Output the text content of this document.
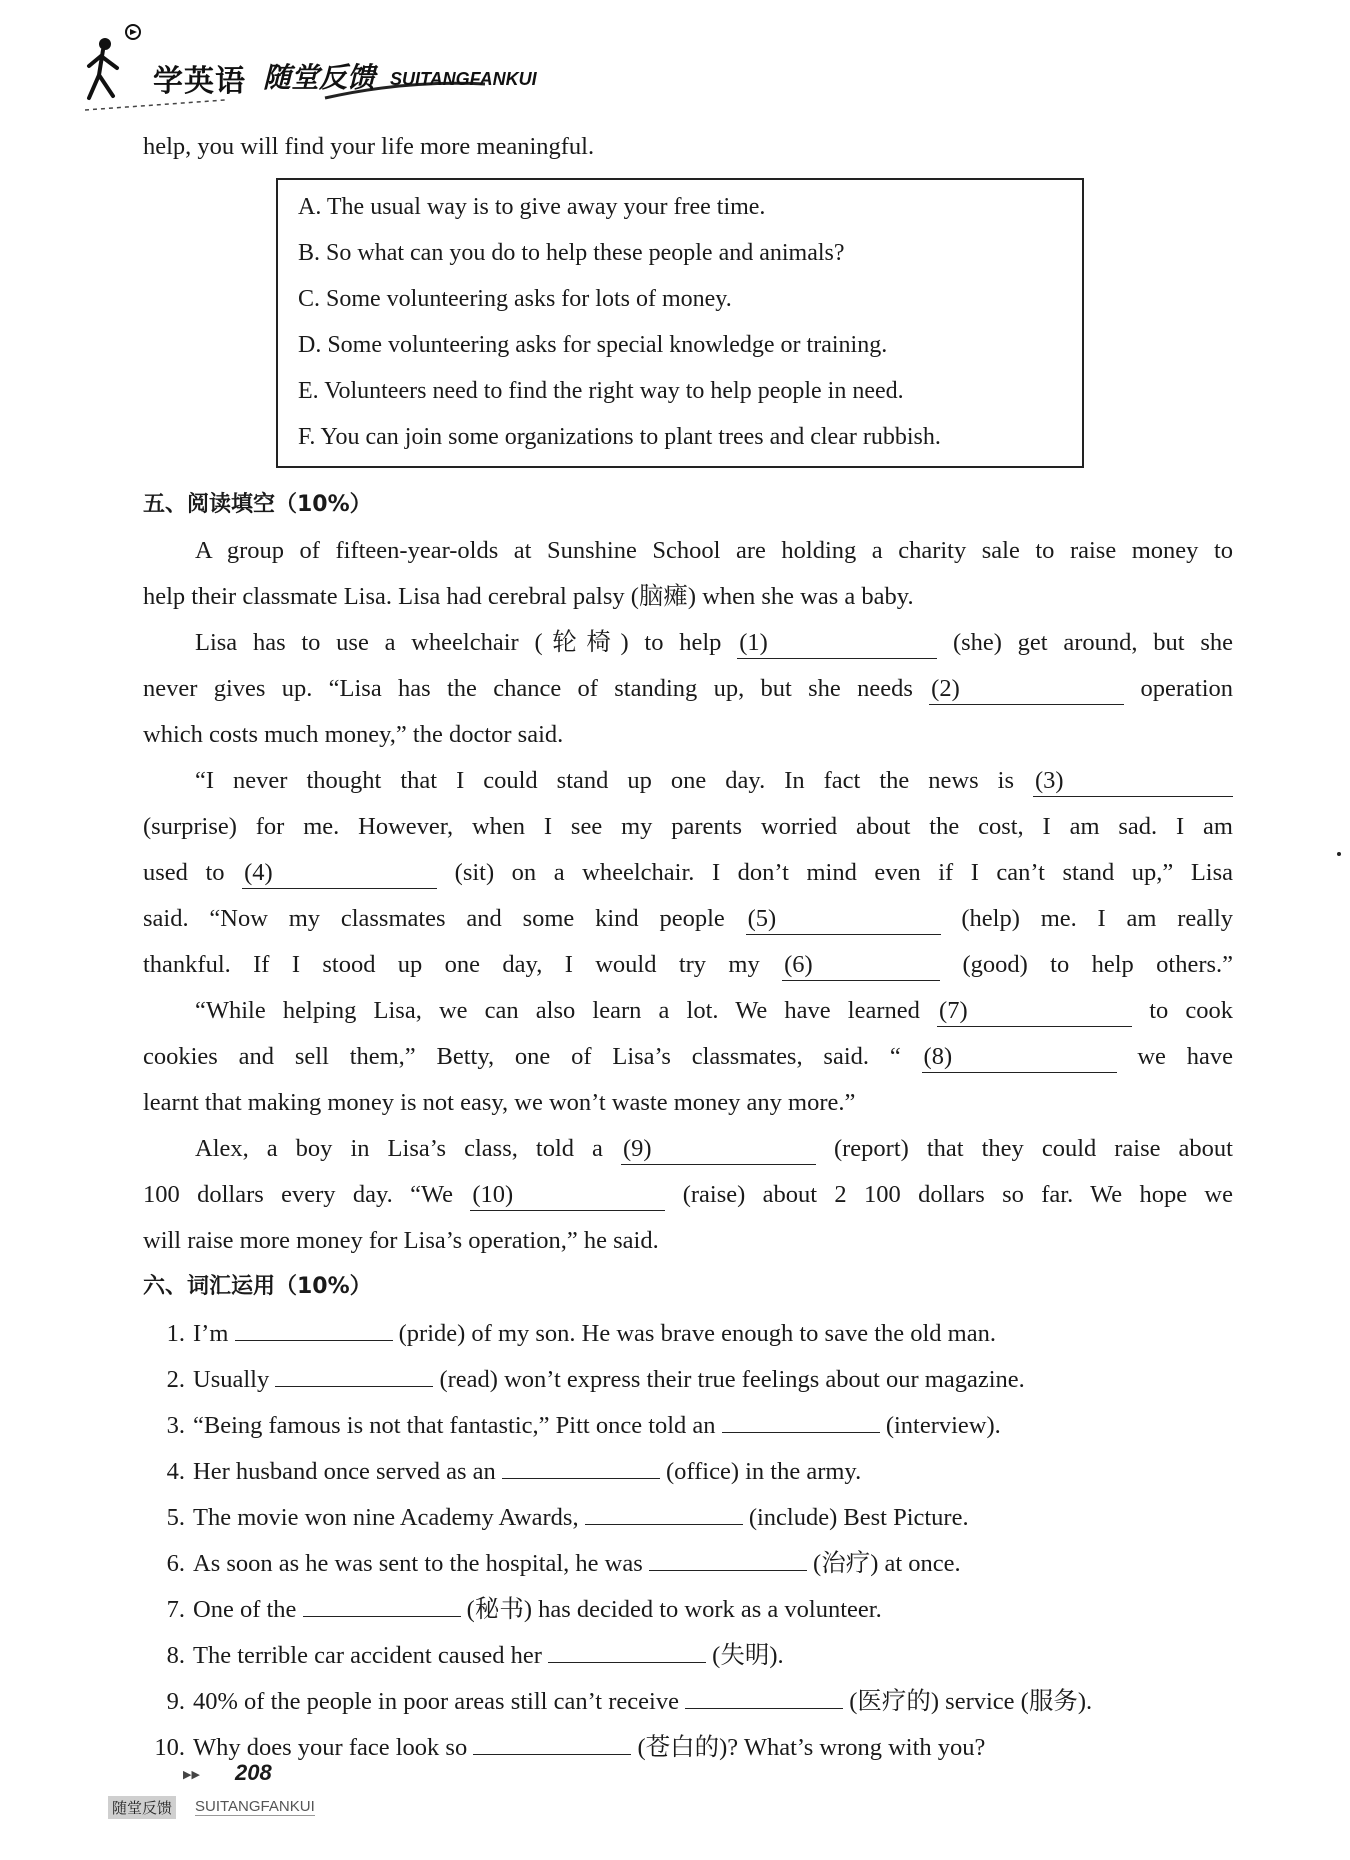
学英语 随堂反馈 SUITANGFANKUI
help, you will find your life more meaningful.
A. The usual way is to give away your free time.
B. So what can you do to help these people and animals?
C. Some volunteering asks for lots of money.
D. Some volunteering asks for special knowledge or training.
E. Volunteers need to find the right way to help people in need.
F. You can join some organizations to plant trees and clear rubbish.
五、阅读填空（10%）
A group of fifteen-year-olds at Sunshine School are holding a charity sale to raise money to
help their classmate Lisa. Lisa had cerebral palsy (脑瘫) when she was a baby.
Lisa has to use a wheelchair (轮椅) to help (1)	(she) get around, but she
never gives up. “Lisa has the chance of standing up, but she needs (2)	operation
which costs much money,” the doctor said.
“I never thought that I could stand up one day. In fact the news is (3)
(surprise) for me. However, when I see my parents worried about the cost, I am sad. I am
used to (4)	(sit) on a wheelchair. I don’t mind even if I can’t stand up,” Lisa
said. “Now my classmates and some kind people (5)	(help) me. I am really
thankful. If I stood up one day, I would try my (6)	(good) to help others.”
“While helping Lisa, we can also learn a lot. We have learned (7)	to cook
cookies and sell them,” Betty, one of Lisa’s classmates, said. “ (8)	we have
learnt that making money is not easy, we won’t waste money any more.”
Alex, a boy in Lisa’s class, told a (9)	(report) that they could raise about
100 dollars every day. “We (10)	(raise) about 2 100 dollars so far. We hope we
will raise more money for Lisa’s operation,” he said.
六、词汇运用（10%）
1. I’m	(pride) of my son. He was brave enough to save the old man.
2. Usually	(read) won’t express their true feelings about our magazine.
3. “Being famous is not that fantastic,” Pitt once told an	(interview).
4. Her husband once served as an	(office) in the army.
5. The movie won nine Academy Awards,	(include) Best Picture.
6. As soon as he was sent to the hospital, he was	(治疗) at once.
7. One of the	(秘书) has decided to work as a volunteer.
8. The terrible car accident caused her	(失明).
9. 40% of the people in poor areas still can’t receive	(医疗的) service (服务).
10. Why does your face look so	(苍白的)? What’s wrong with you?
▶▶ 208
随堂反馈 SUITANGFANKUI
